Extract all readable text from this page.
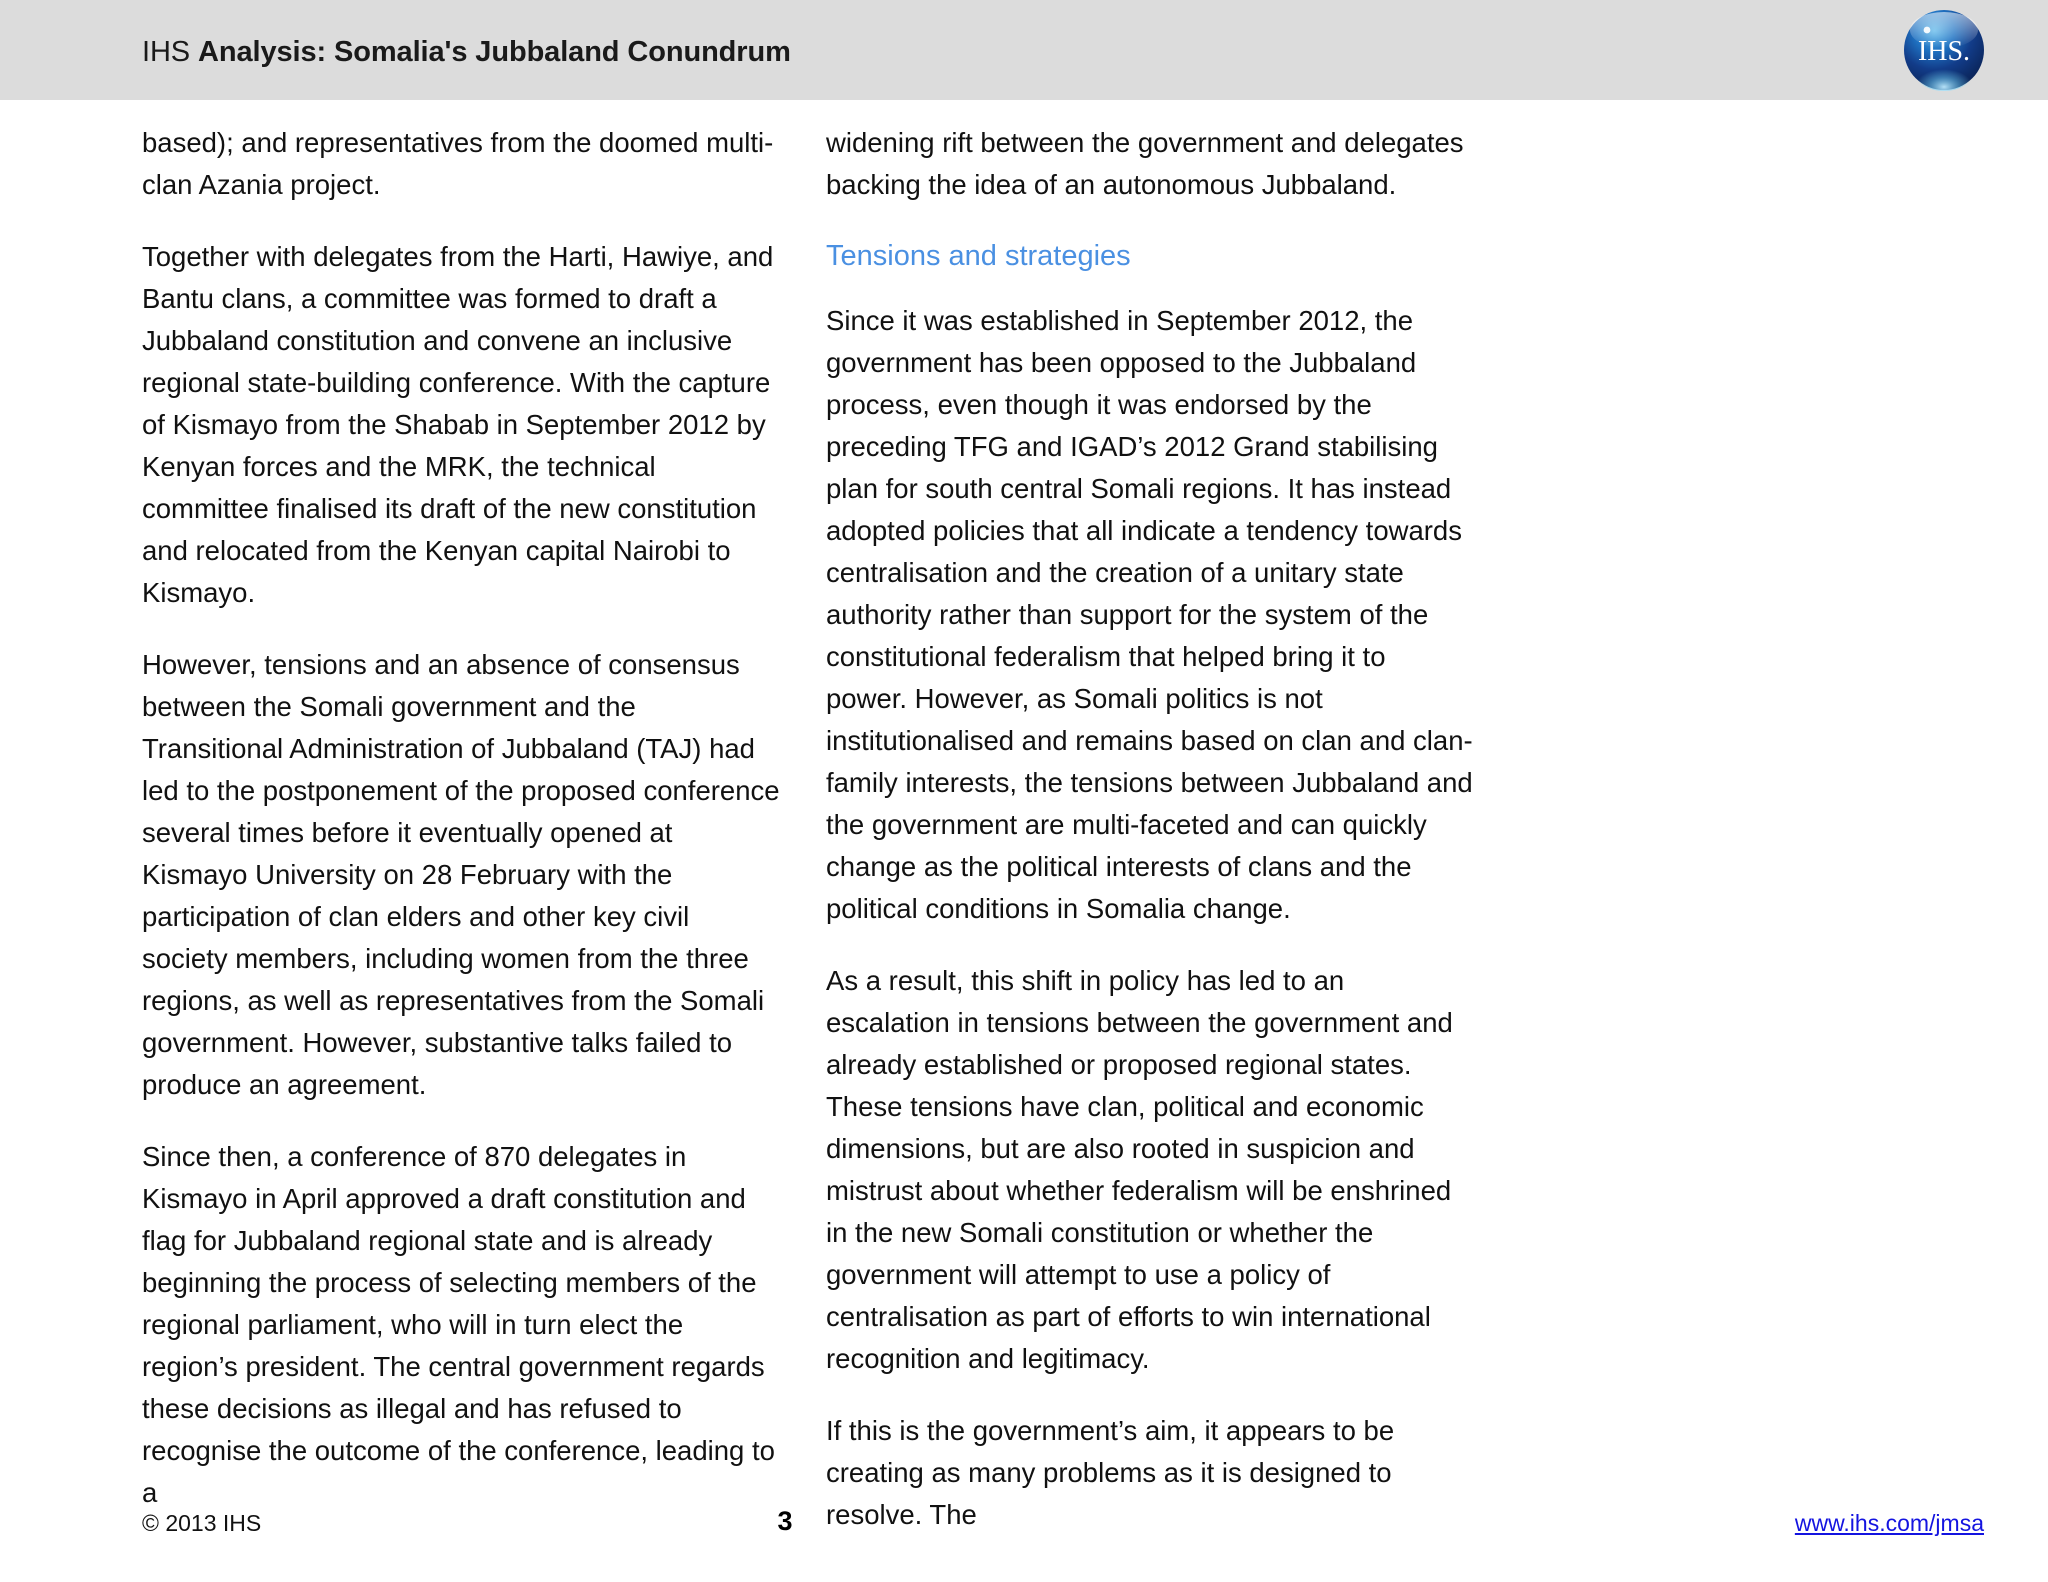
IHS Analysis: Somalia's Jubbaland Conundrum	IHS.

based); and representatives from the doomed multi-clan Azania project.

Together with delegates from the Harti, Hawiye, and Bantu clans, a committee was formed to draft a Jubbaland constitution and convene an inclusive regional state-building conference. With the capture of Kismayo from the Shabab in September 2012 by Kenyan forces and the MRK, the technical committee finalised its draft of the new constitution and relocated from the Kenyan capital Nairobi to Kismayo.

However, tensions and an absence of consensus between the Somali government and the Transitional Administration of Jubbaland (TAJ) had led to the postponement of the proposed conference several times before it eventually opened at Kismayo University on 28 February with the participation of clan elders and other key civil society members, including women from the three regions, as well as representatives from the Somali government. However, substantive talks failed to produce an agreement.

Since then, a conference of 870 delegates in Kismayo in April approved a draft constitution and flag for Jubbaland regional state and is already beginning the process of selecting members of the regional parliament, who will in turn elect the region’s president. The central government regards these decisions as illegal and has refused to recognise the outcome of the conference, leading to a

widening rift between the government and delegates backing the idea of an autonomous Jubbaland.

Tensions and strategies

Since it was established in September 2012, the government has been opposed to the Jubbaland process, even though it was endorsed by the preceding TFG and IGAD’s 2012 Grand stabilising plan for south central Somali regions. It has instead adopted policies that all indicate a tendency towards centralisation and the creation of a unitary state authority rather than support for the system of the constitutional federalism that helped bring it to power. However, as Somali politics is not institutionalised and remains based on clan and clan-family interests, the tensions between Jubbaland and the government are multi-faceted and can quickly change as the political interests of clans and the political conditions in Somalia change.

As a result, this shift in policy has led to an escalation in tensions between the government and already established or proposed regional states. These tensions have clan, political and economic dimensions, but are also rooted in suspicion and mistrust about whether federalism will be enshrined in the new Somali constitution or whether the government will attempt to use a policy of centralisation as part of efforts to win international recognition and legitimacy.

If this is the government’s aim, it appears to be creating as many problems as it is designed to resolve. The

© 2013 IHS	3	www.ihs.com/jmsa
